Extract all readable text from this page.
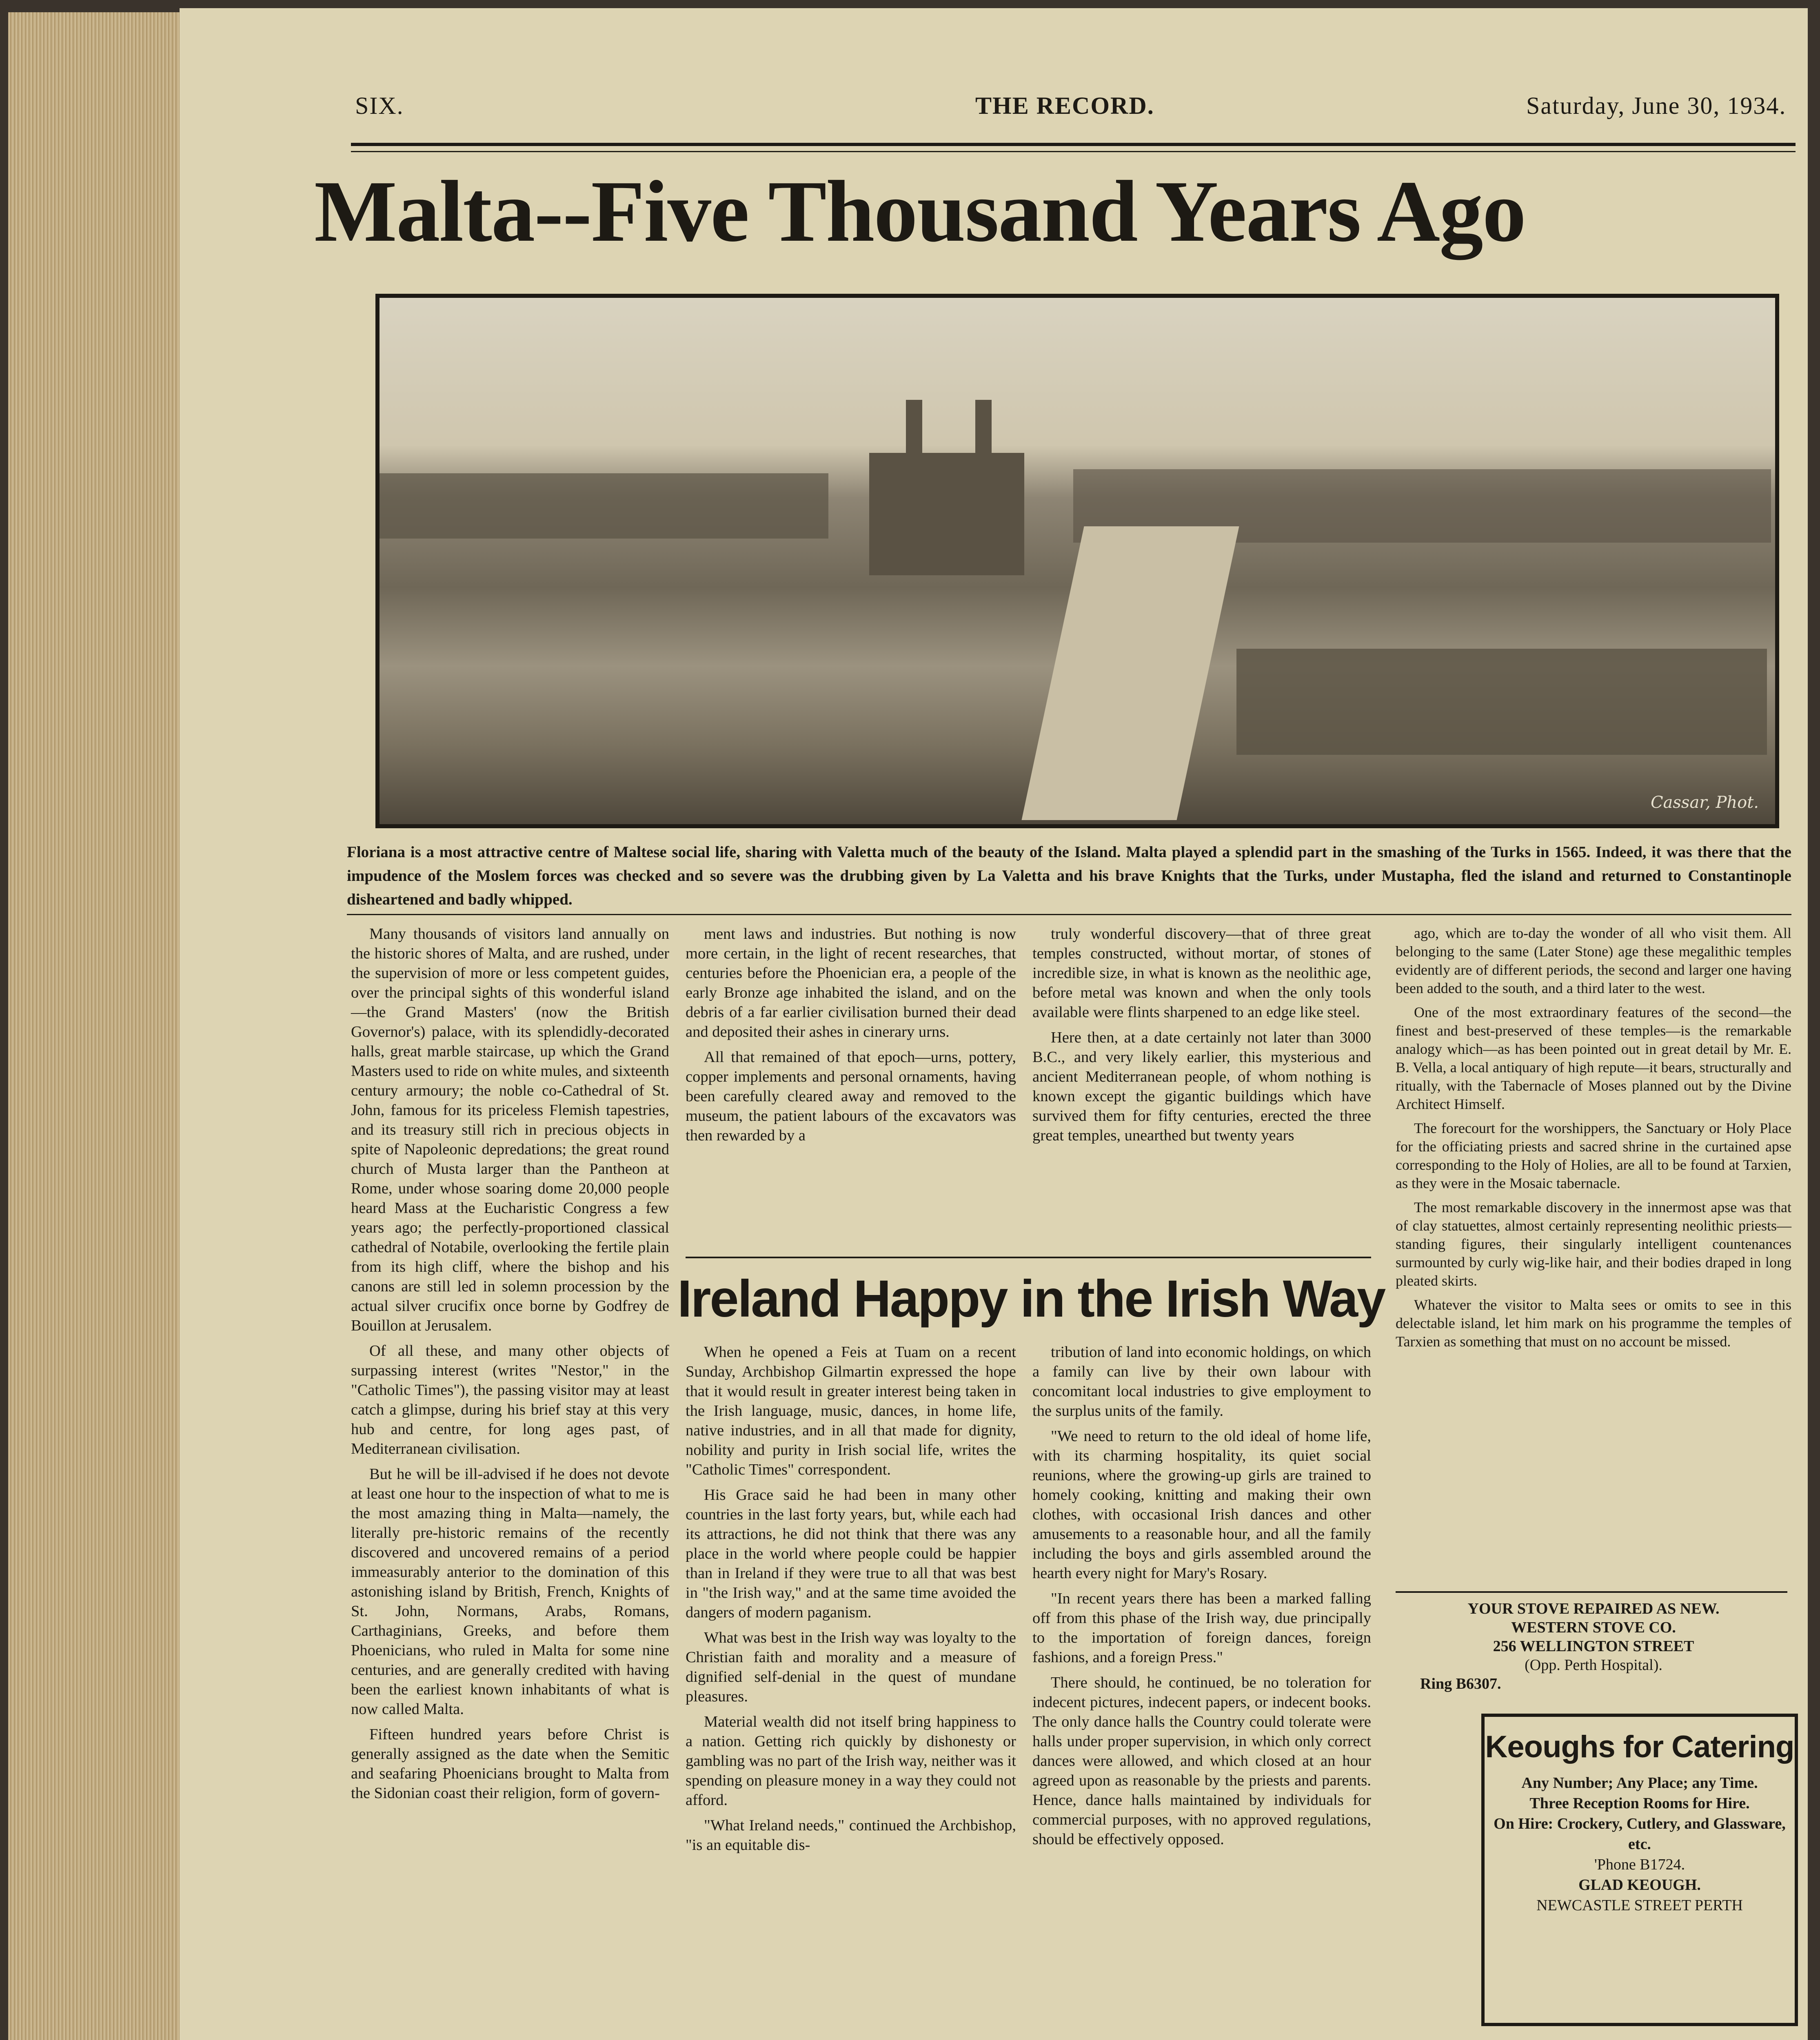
SIX.	THE RECORD.	Saturday, June 30, 1934.
Malta--Five Thousand Years Ago
Cassar, Phot.
Floriana is a most attractive centre of Maltese social life, sharing with Valetta much of the beauty of the Island. Malta played a splendid part in the smashing of the Turks in 1565. Indeed, it was there that the impudence of the Moslem forces was checked and so severe was the drubbing given by La Valetta and his brave Knights that the Turks, under Mustapha, fled the island and returned to Constantinople disheartened and badly whipped.

Many thousands of visitors land annually on the historic shores of Malta, and are rushed, under the supervision of more or less competent guides, over the principal sights of this wonderful island—the Grand Masters' (now the British Governor's) palace, with its splendidly-decorated halls, great marble staircase, up which the Grand Masters used to ride on white mules, and sixteenth century armoury; the noble co-Cathedral of St. John, famous for its priceless Flemish tapestries, and its treasury still rich in precious objects in spite of Napoleonic depredations; the great round church of Musta larger than the Pantheon at Rome, under whose soaring dome 20,000 people heard Mass at the Eucharistic Congress a few years ago; the perfectly-proportioned classical cathedral of Notabile, overlooking the fertile plain from its high cliff, where the bishop and his canons are still led in solemn procession by the actual silver crucifix once borne by Godfrey de Bouillon at Jerusalem.

Of all these, and many other objects of surpassing interest (writes "Nestor," in the "Catholic Times"), the passing visitor may at least catch a glimpse, during his brief stay at this very hub and centre, for long ages past, of Mediterranean civilisation.

But he will be ill-advised if he does not devote at least one hour to the inspection of what to me is the most amazing thing in Malta—namely, the literally pre-historic remains of the recently discovered and uncovered remains of a period immeasurably anterior to the domination of this astonishing island by British, French, Knights of St. John, Normans, Arabs, Romans, Carthaginians, Greeks, and before them Phoenicians, who ruled in Malta for some nine centuries, and are generally credited with having been the earliest known inhabitants of what is now called Malta.

Fifteen hundred years before Christ is generally assigned as the date when the Semitic and seafaring Phoenicians brought to Malta from the Sidonian coast their religion, form of govern-

ment laws and industries. But nothing is now more certain, in the light of recent researches, that centuries before the Phoenician era, a people of the early Bronze age inhabited the island, and on the debris of a far earlier civilisation burned their dead and deposited their ashes in cinerary urns.

All that remained of that epoch—urns, pottery, copper implements and personal ornaments, having been carefully cleared away and removed to the museum, the patient labours of the excavators was then rewarded by a

truly wonderful discovery—that of three great temples constructed, without mortar, of stones of incredible size, in what is known as the neolithic age, before metal was known and when the only tools available were flints sharpened to an edge like steel.

Here then, at a date certainly not later than 3000 B.C., and very likely earlier, this mysterious and ancient Mediterranean people, of whom nothing is known except the gigantic buildings which have survived them for fifty centuries, erected the three great temples, unearthed but twenty years

ago, which are to-day the wonder of all who visit them. All belonging to the same (Later Stone) age these megalithic temples evidently are of different periods, the second and larger one having been added to the south, and a third later to the west.

One of the most extraordinary features of the second—the finest and best-preserved of these temples—is the remarkable analogy which—as has been pointed out in great detail by Mr. E. B. Vella, a local antiquary of high repute—it bears, structurally and ritually, with the Tabernacle of Moses planned out by the Divine Architect Himself.

The forecourt for the worshippers, the Sanctuary or Holy Place for the officiating priests and sacred shrine in the curtained apse corresponding to the Holy of Holies, are all to be found at Tarxien, as they were in the Mosaic tabernacle.

The most remarkable discovery in the innermost apse was that of clay statuettes, almost certainly representing neolithic priests—standing figures, their singularly intelligent countenances surmounted by curly wig-like hair, and their bodies draped in long pleated skirts.

Whatever the visitor to Malta sees or omits to see in this delectable island, let him mark on his programme the temples of Tarxien as something that must on no account be missed.

Ireland Happy in the Irish Way

When he opened a Feis at Tuam on a recent Sunday, Archbishop Gilmartin expressed the hope that it would result in greater interest being taken in the Irish language, music, dances, in home life, native industries, and in all that made for dignity, nobility and purity in Irish social life, writes the "Catholic Times" correspondent.

His Grace said he had been in many other countries in the last forty years, but, while each had its attractions, he did not think that there was any place in the world where people could be happier than in Ireland if they were true to all that was best in "the Irish way," and at the same time avoided the dangers of modern paganism.

What was best in the Irish way was loyalty to the Christian faith and morality and a measure of dignified self-denial in the quest of mundane pleasures.

Material wealth did not itself bring happiness to a nation. Getting rich quickly by dishonesty or gambling was no part of the Irish way, neither was it spending on pleasure money in a way they could not afford.

"What Ireland needs," continued the Archbishop, "is an equitable dis-

tribution of land into economic holdings, on which a family can live by their own labour with concomitant local industries to give employment to the surplus units of the family.

"We need to return to the old ideal of home life, with its charming hospitality, its quiet social reunions, where the growing-up girls are trained to homely cooking, knitting and making their own clothes, with occasional Irish dances and other amusements to a reasonable hour, and all the family including the boys and girls assembled around the hearth every night for Mary's Rosary.

"In recent years there has been a marked falling off from this phase of the Irish way, due principally to the importation of foreign dances, foreign fashions, and a foreign Press."

There should, he continued, be no toleration for indecent pictures, indecent papers, or indecent books. The only dance halls the Country could tolerate were halls under proper supervision, in which only correct dances were allowed, and which closed at an hour agreed upon as reasonable by the priests and parents. Hence, dance halls maintained by individuals for commercial purposes, with no approved regulations, should be effectively opposed.

YOUR STOVE REPAIRED AS NEW.
WESTERN STOVE CO.
256 WELLINGTON STREET
(Opp. Perth Hospital).
Ring B6307.
Keoughs for Catering
Any Number; Any Place; any Time.
Three Reception Rooms for Hire.
On Hire: Crockery, Cutlery, and Glassware, etc.
'Phone B1724.
GLAD KEOUGH.
NEWCASTLE STREET PERTH
